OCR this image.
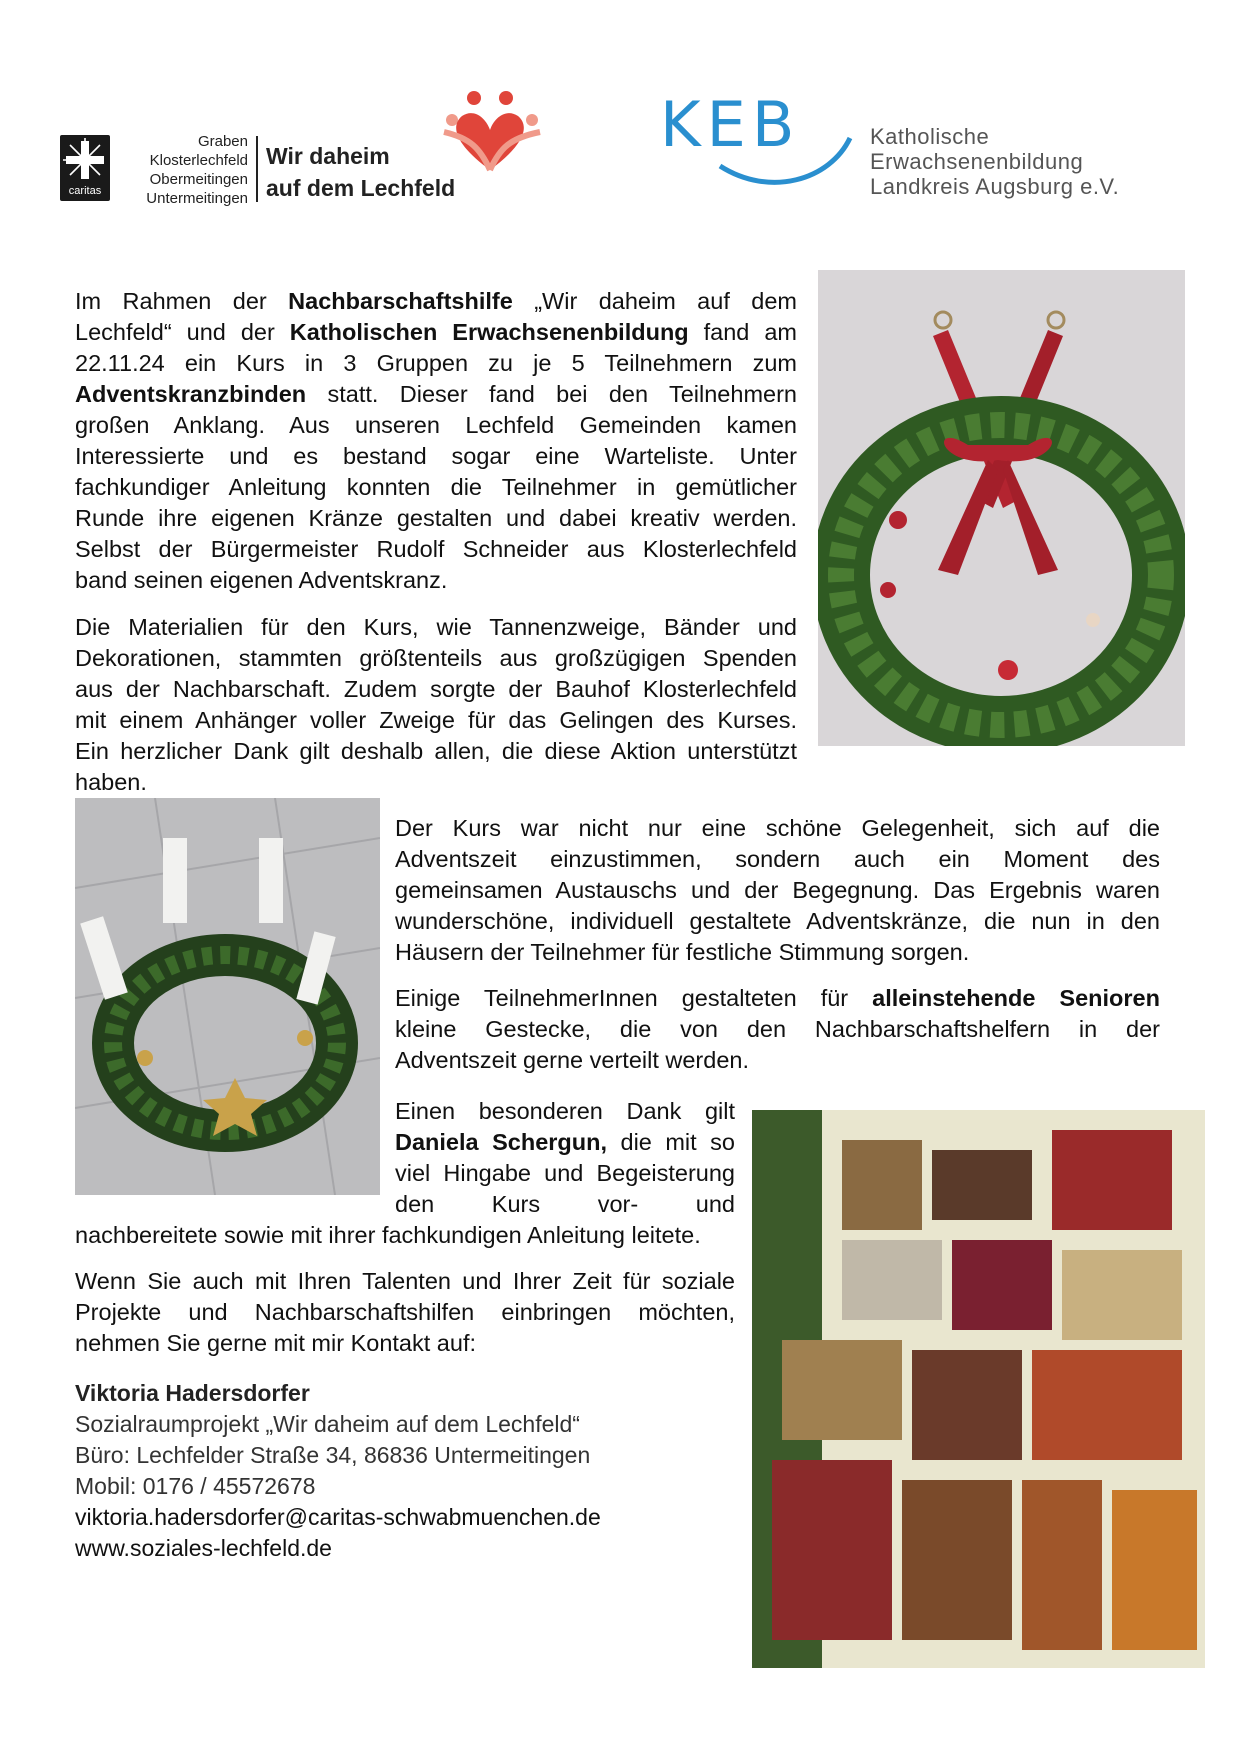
caritas
Graben
Klosterlechfeld
Obermeitingen
Untermeitingen
Wir daheim
auf dem Lechfeld
KEB	Katholische
Erwachsenenbildung
Landkreis Augsburg e.V.

Im Rahmen der Nachbarschaftshilfe „Wir daheim auf dem
Lechfeld“ und der Katholischen Erwachsenenbildung fand am
22.11.24 ein Kurs in 3 Gruppen zu je 5 Teilnehmern zum
Adventskranzbinden statt. Dieser fand bei den Teilnehmern
großen Anklang. Aus unseren Lechfeld Gemeinden kamen
Interessierte und es bestand sogar eine Warteliste. Unter
fachkundiger Anleitung konnten die Teilnehmer in gemütlicher
Runde ihre eigenen Kränze gestalten und dabei kreativ werden.
Selbst der Bürgermeister Rudolf Schneider aus Klosterlechfeld
band seinen eigenen Adventskranz.

Die Materialien für den Kurs, wie Tannenzweige, Bänder und
Dekorationen, stammten größtenteils aus großzügigen Spenden
aus der Nachbarschaft. Zudem sorgte der Bauhof Klosterlechfeld
mit einem Anhänger voller Zweige für das Gelingen des Kurses.
Ein herzlicher Dank gilt deshalb allen, die diese Aktion unterstützt
haben.

Der Kurs war nicht nur eine schöne Gelegenheit, sich auf die
Adventszeit einzustimmen, sondern auch ein Moment des
gemeinsamen Austauschs und der Begegnung. Das Ergebnis waren
wunderschöne, individuell gestaltete Adventskränze, die nun in den
Häusern der Teilnehmer für festliche Stimmung sorgen.

Einige TeilnehmerInnen gestalteten für alleinstehende Senioren
kleine Gestecke, die von den Nachbarschaftshelfern in der
Adventszeit gerne verteilt werden.

Einen besonderen Dank gilt
Daniela Schergun, die mit so
viel Hingabe und Begeisterung
den Kurs vor- und

nachbereitete sowie mit ihrer fachkundigen Anleitung leitete.

Wenn Sie auch mit Ihren Talenten und Ihrer Zeit für soziale
Projekte und Nachbarschaftshilfen einbringen möchten,
nehmen Sie gerne mit mir Kontakt auf:

Viktoria Hadersdorfer
Sozialraumprojekt „Wir daheim auf dem Lechfeld“
Büro: Lechfelder Straße 34, 86836 Untermeitingen
Mobil: 0176 / 45572678
viktoria.hadersdorfer@caritas-schwabmuenchen.de
www.soziales-lechfeld.de
